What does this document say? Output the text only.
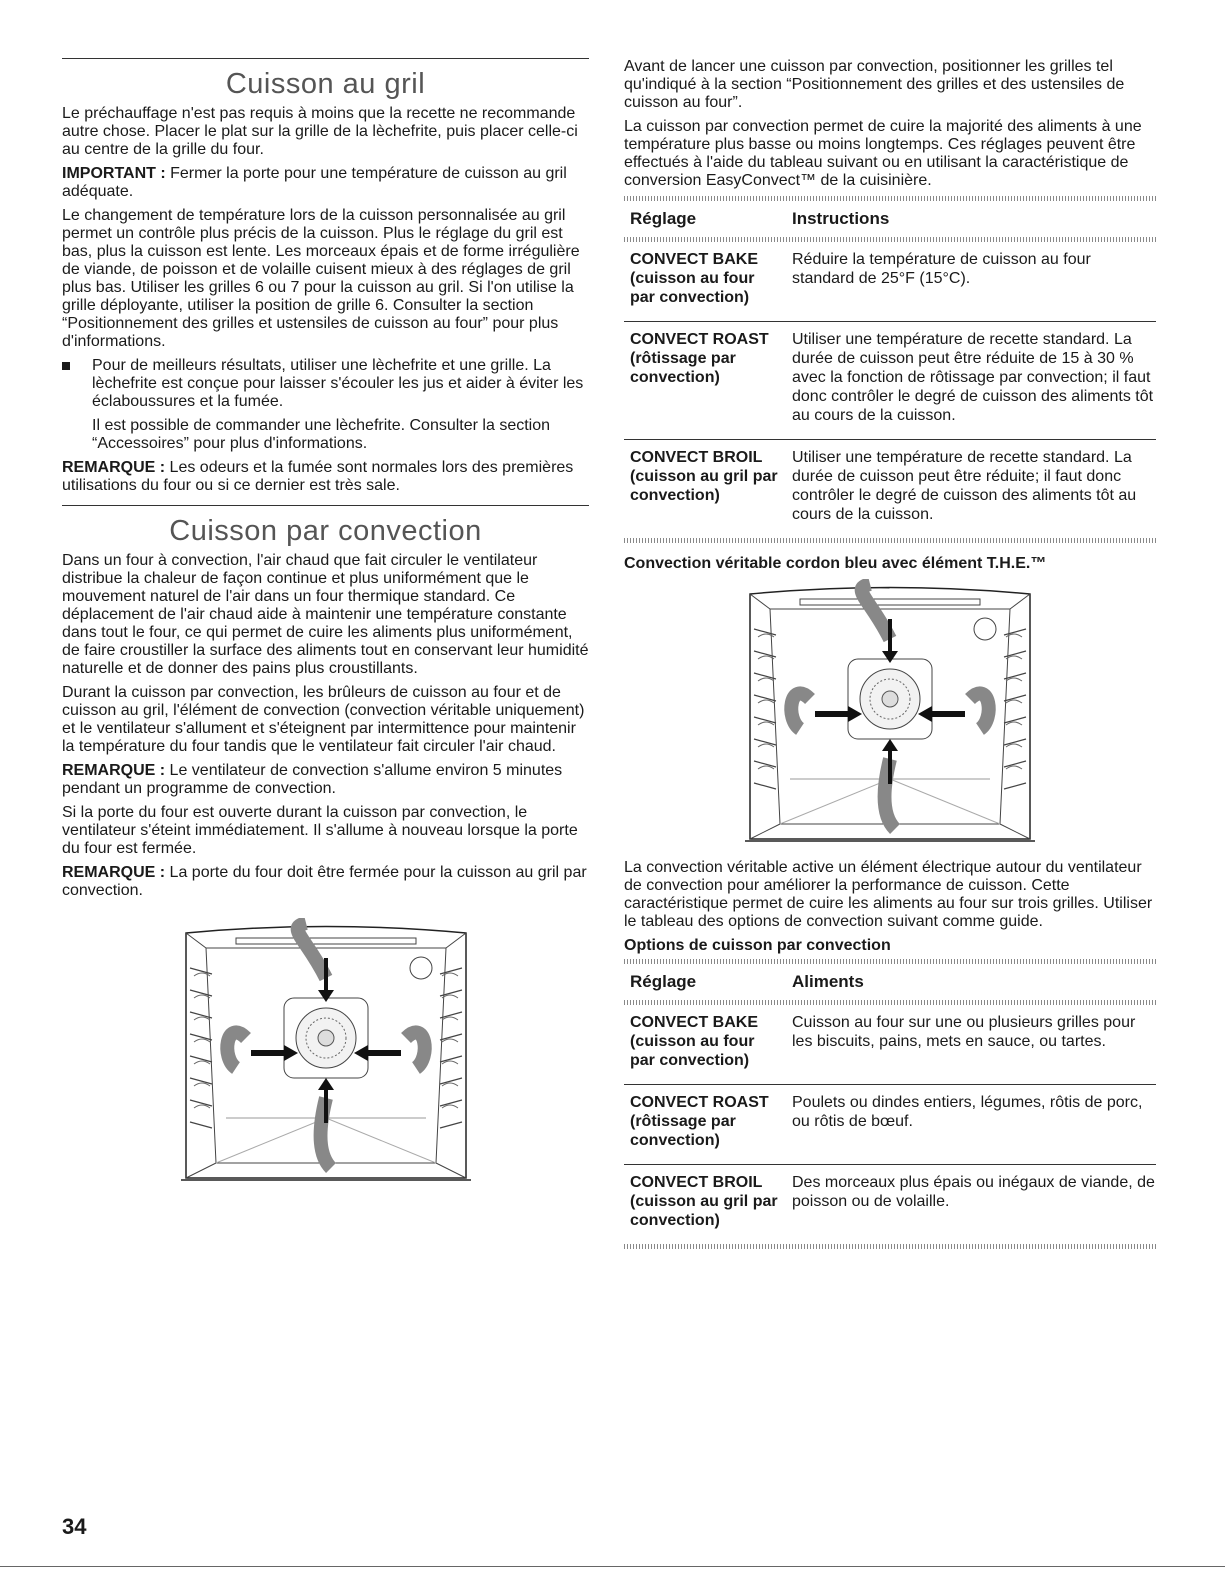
Cuisson au gril

Le préchauffage n'est pas requis à moins que la recette ne recommande autre chose. Placer le plat sur la grille de la lèchefrite, puis placer celle-ci au centre de la grille du four.

IMPORTANT : Fermer la porte pour une température de cuisson au gril adéquate.

Le changement de température lors de la cuisson personnalisée au gril permet un contrôle plus précis de la cuisson. Plus le réglage du gril est bas, plus la cuisson est lente. Les morceaux épais et de forme irrégulière de viande, de poisson et de volaille cuisent mieux à des réglages de gril plus bas. Utiliser les grilles 6 ou 7 pour la cuisson au gril. Si l'on utilise la grille déployante, utiliser la position de grille 6. Consulter la section “Positionnement des grilles et ustensiles de cuisson au four” pour plus d'informations.

Pour de meilleurs résultats, utiliser une lèchefrite et une grille. La lèchefrite est conçue pour laisser s'écouler les jus et aider à éviter les éclaboussures et la fumée.

Il est possible de commander une lèchefrite. Consulter la section “Accessoires” pour plus d'informations.

REMARQUE : Les odeurs et la fumée sont normales lors des premières utilisations du four ou si ce dernier est très sale.

Cuisson par convection

Dans un four à convection, l'air chaud que fait circuler le ventilateur distribue la chaleur de façon continue et plus uniformément que le mouvement naturel de l'air dans un four thermique standard. Ce déplacement de l'air chaud aide à maintenir une température constante dans tout le four, ce qui permet de cuire les aliments plus uniformément, de faire croustiller la surface des aliments tout en conservant leur humidité naturelle et de donner des pains plus croustillants.

Durant la cuisson par convection, les brûleurs de cuisson au four et de cuisson au gril, l'élément de convection (convection véritable uniquement) et le ventilateur s'allument et s'éteignent par intermittence pour maintenir la température du four tandis que le ventilateur fait circuler l'air chaud.

REMARQUE : Le ventilateur de convection s'allume environ 5 minutes pendant un programme de convection.

Si la porte du four est ouverte durant la cuisson par convection, le ventilateur s'éteint immédiatement. Il s'allume à nouveau lorsque la porte du four est fermée.

REMARQUE : La porte du four doit être fermée pour la cuisson au gril par convection.

Avant de lancer une cuisson par convection, positionner les grilles tel qu'indiqué à la section “Positionnement des grilles et des ustensiles de cuisson au four”.

La cuisson par convection permet de cuire la majorité des aliments à une température plus basse ou moins longtemps. Ces réglages peuvent être effectués à l'aide du tableau suivant ou en utilisant la caractéristique de conversion EasyConvect™ de la cuisinière.

Réglage	Instructions

CONVECT BAKE (cuisson au four par convection)	Réduire la température de cuisson au four standard de 25°F (15°C).
CONVECT ROAST (rôtissage par convection)	Utiliser une température de recette standard. La durée de cuisson peut être réduite de 15 à 30 % avec la fonction de rôtissage par convection; il faut donc contrôler le degré de cuisson des aliments tôt au cours de la cuisson.
CONVECT BROIL (cuisson au gril par convection)	Utiliser une température de recette standard. La durée de cuisson peut être réduite; il faut donc contrôler le degré de cuisson des aliments tôt au cours de la cuisson.
Convection véritable cordon bleu avec élément T.H.E.™

La convection véritable active un élément électrique autour du ventilateur de convection pour améliorer la performance de cuisson. Cette caractéristique permet de cuire les aliments au four sur trois grilles. Utiliser le tableau des options de convection suivant comme guide.

Options de cuisson par convection
Réglage	Aliments

CONVECT BAKE (cuisson au four par convection)	Cuisson au four sur une ou plusieurs grilles pour les biscuits, pains, mets en sauce, ou tartes.
CONVECT ROAST (rôtissage par convection)	Poulets ou dindes entiers, légumes, rôtis de porc, ou rôtis de bœuf.
CONVECT BROIL (cuisson au gril par convection)	Des morceaux plus épais ou inégaux de viande, de poisson ou de volaille.
34
